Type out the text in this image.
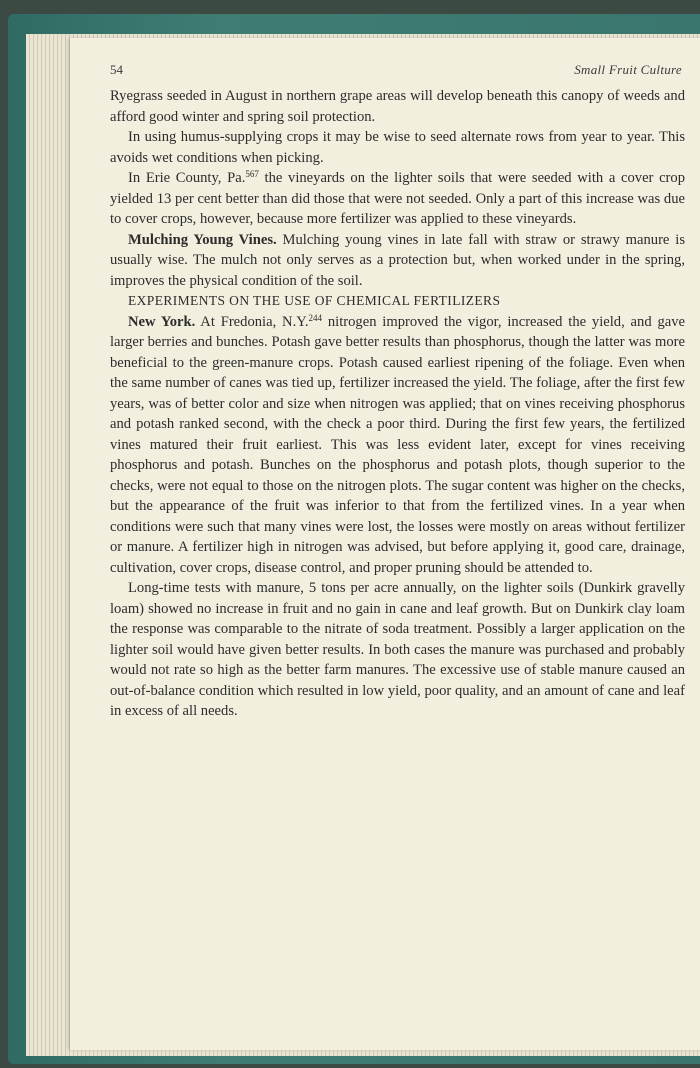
54	Small Fruit Culture

Ryegrass seeded in August in northern grape areas will develop beneath this canopy of weeds and afford good winter and spring soil protection.

In using humus-supplying crops it may be wise to seed alternate rows from year to year. This avoids wet conditions when picking.

In Erie County, Pa.$^{567}$ the vineyards on the lighter soils that were seeded with a cover crop yielded 13 per cent better than did those that were not seeded. Only a part of this increase was due to cover crops, however, because more fertilizer was applied to these vineyards.

Mulching Young Vines. Mulching young vines in late fall with straw or strawy manure is usually wise. The mulch not only serves as a protection but, when worked under in the spring, improves the physical condition of the soil.

EXPERIMENTS ON THE USE OF CHEMICAL FERTILIZERS

New York. At Fredonia, N.Y.$^{244}$ nitrogen improved the vigor, increased the yield, and gave larger berries and bunches. Potash gave better results than phosphorus, though the latter was more beneficial to the green-manure crops. Potash caused earliest ripening of the foliage. Even when the same number of canes was tied up, fertilizer increased the yield. The foliage, after the first few years, was of better color and size when nitrogen was applied; that on vines receiving phosphorus and potash ranked second, with the check a poor third. During the first few years, the fertilized vines matured their fruit earliest. This was less evident later, except for vines receiving phosphorus and potash. Bunches on the phosphorus and potash plots, though superior to the checks, were not equal to those on the nitrogen plots. The sugar content was higher on the checks, but the appearance of the fruit was inferior to that from the fertilized vines. In a year when conditions were such that many vines were lost, the losses were mostly on areas without fertilizer or manure. A fertilizer high in nitrogen was advised, but before applying it, good care, drainage, cultivation, cover crops, disease control, and proper pruning should be attended to.

Long-time tests with manure, 5 tons per acre annually, on the lighter soils (Dunkirk gravelly loam) showed no increase in fruit and no gain in cane and leaf growth. But on Dunkirk clay loam the response was comparable to the nitrate of soda treatment. Possibly a larger application on the lighter soil would have given better results. In both cases the manure was purchased and probably would not rate so high as the better farm manures. The excessive use of stable manure caused an out-of-balance condition which resulted in low yield, poor quality, and an amount of cane and leaf in excess of all needs.
